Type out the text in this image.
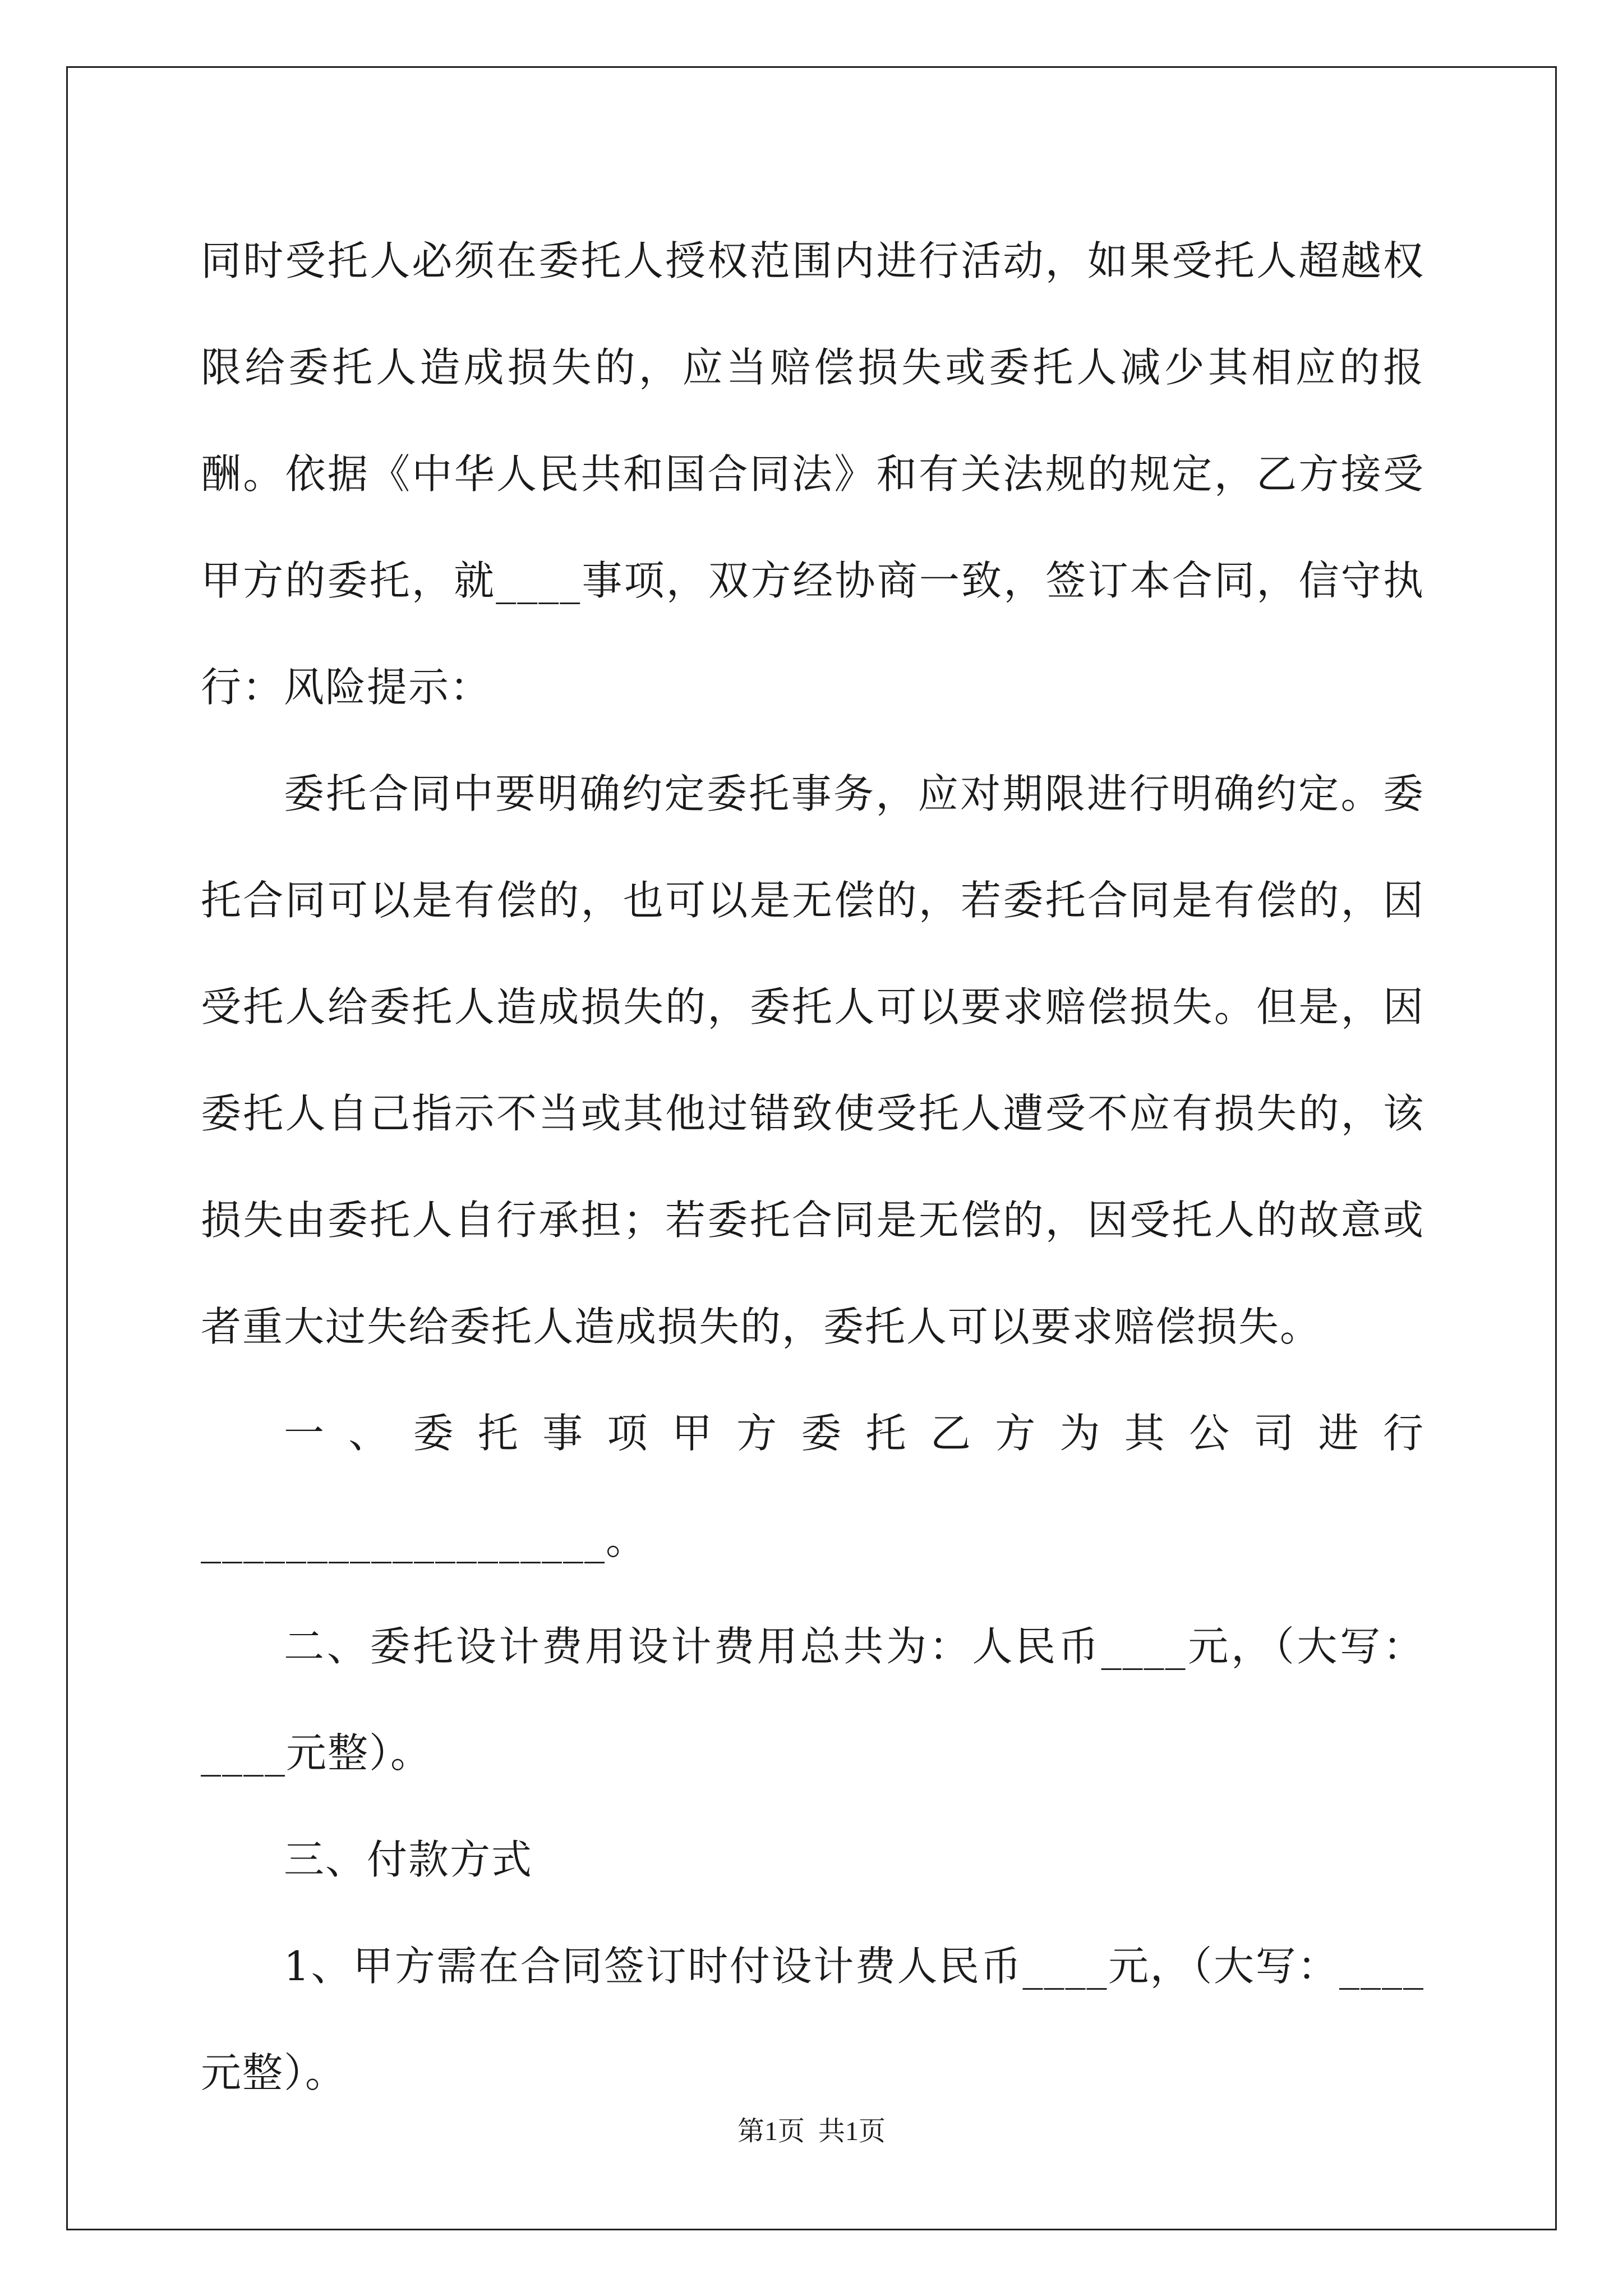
同时受托人必须在委托人授权范围内进行活动，如果受托人超越权限给委托人造成损失的，应当赔偿损失或委托人减少其相应的报酬。依据《中华人民共和国合同法》和有关法规的规定，乙方接受甲方的委托，就____事项，双方经协商一致，签订本合同，信守执行：风险提示：

委托合同中要明确约定委托事务，应对期限进行明确约定。委托合同可以是有偿的，也可以是无偿的，若委托合同是有偿的，因受托人给委托人造成损失的，委托人可以要求赔偿损失。但是，因委托人自己指示不当或其他过错致使受托人遭受不应有损失的，该损失由委托人自行承担；若委托合同是无偿的，因受托人的故意或者重大过失给委托人造成损失的，委托人可以要求赔偿损失。

一、委托事项甲方委托乙方为其公司进行___________________。

二、委托设计费用设计费用总共为：人民币____元，（大写：____元整）。

三、付款方式

1、甲方需在合同签订时付设计费人民币____元，（大写：____元整）。

第1页  共1页
